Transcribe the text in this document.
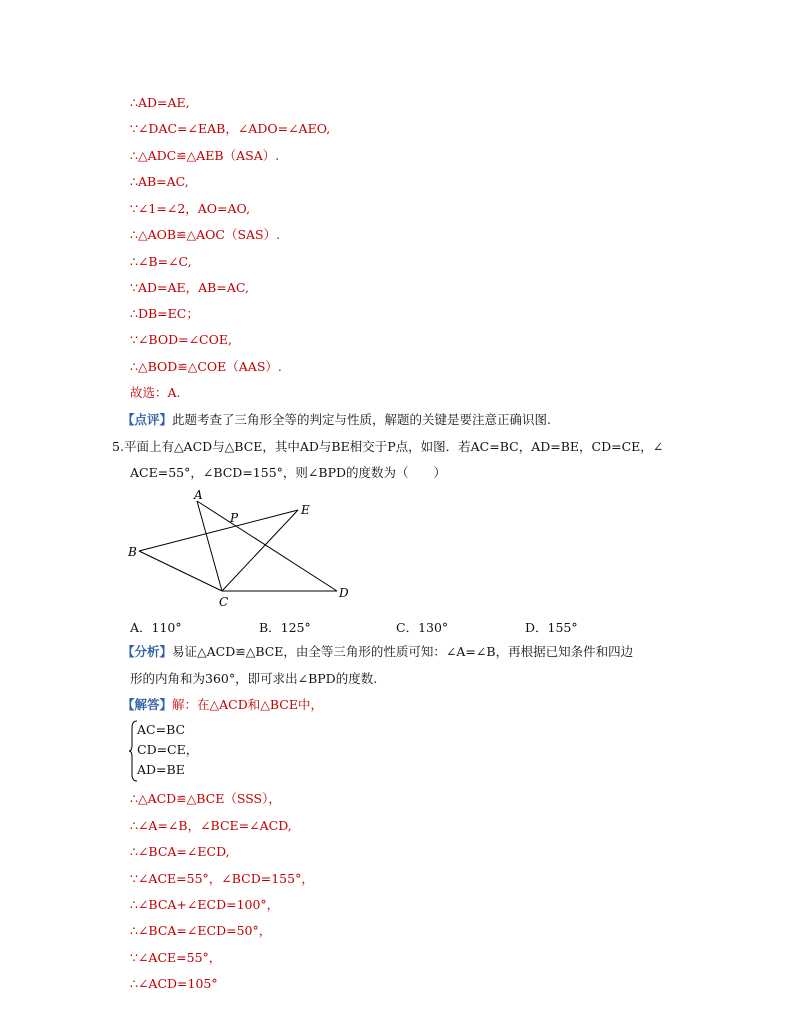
∴AD=AE,
∵∠DAC=∠EAB，∠ADO=∠AEO,
∴△ADC≌△AEB（ASA）.
∴AB=AC,
∵∠1=∠2，AO=AO,
∴△AOB≌△AOC（SAS）.
∴∠B=∠C,
∵AD=AE，AB=AC,
∴DB=EC；
∵∠BOD=∠COE,
∴△BOD≌△COE（AAS）.
故选：A.
【点评】此题考查了三角形全等的判定与性质，解题的关键是要注意正确识图.
5.平面上有△ACD与△BCE，其中AD与BE相交于P点，如图．若AC=BC，AD=BE，CD=CE，∠
ACE=55°，∠BCD=155°，则∠BPD的度数为（　　）
A
P
E
B
C
D
A．110°	B．125°	C．130°	D．155°
【分析】易证△ACD≌△BCE，由全等三角形的性质可知：∠A=∠B，再根据已知条件和四边
形的内角和为360°，即可求出∠BPD的度数.
【解答】解：在△ACD和△BCE中，
AC=BC
CD=CE，
AD=BE
∴△ACD≌△BCE（SSS），
∴∠A=∠B，∠BCE=∠ACD,
∴∠BCA=∠ECD,
∵∠ACE=55°，∠BCD=155°，
∴∠BCA+∠ECD=100°，
∴∠BCA=∠ECD=50°，
∵∠ACE=55°，
∴∠ACD=105°
